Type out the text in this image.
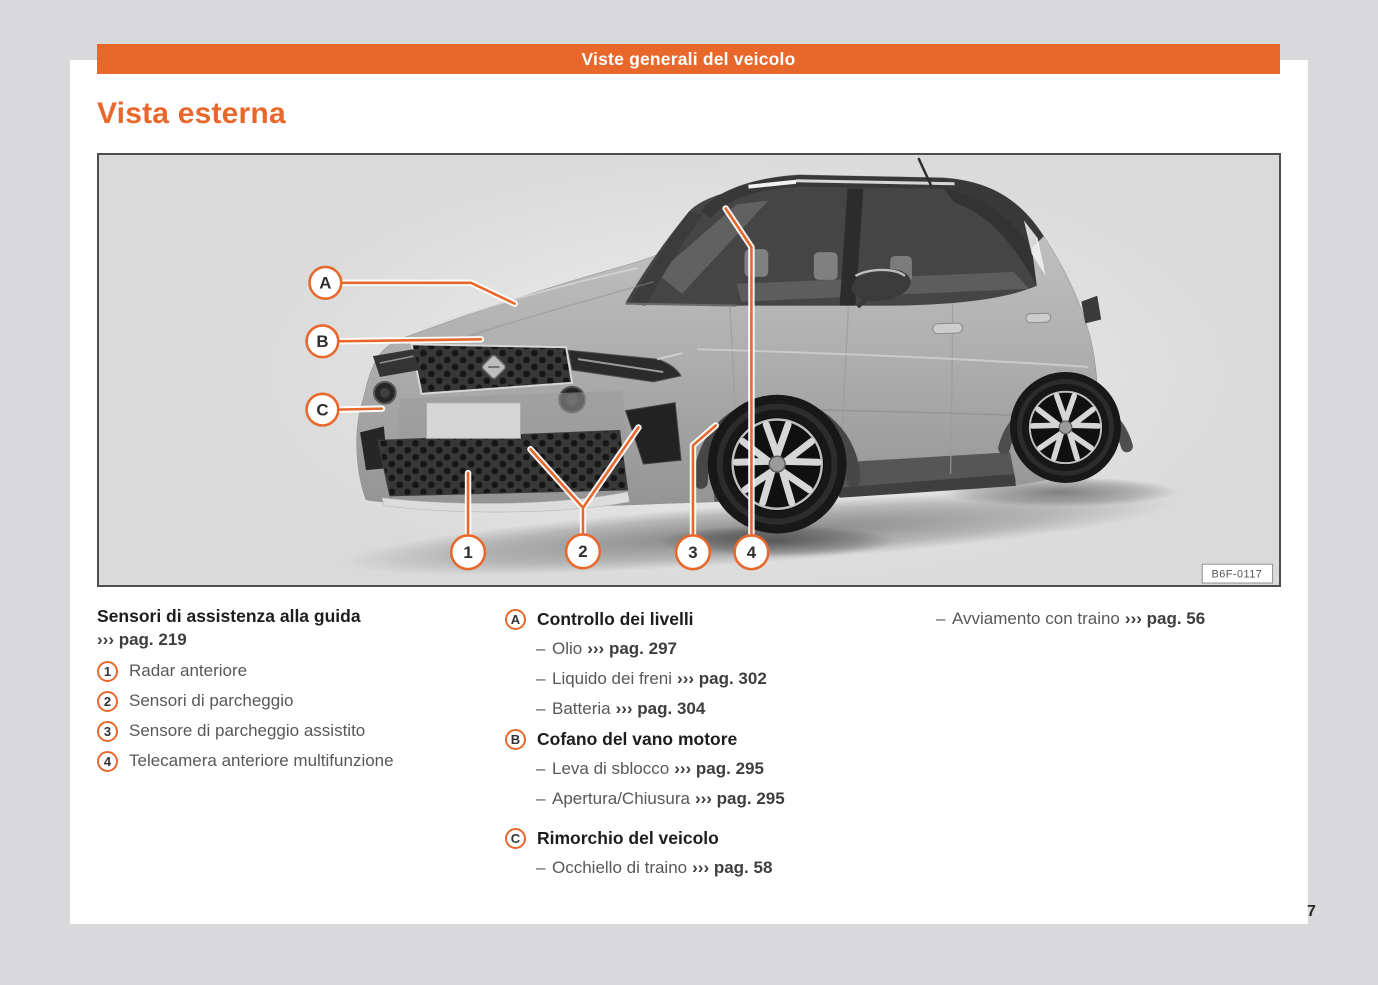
Viste generali del veicolo
Vista esterna
A
B
C
1	2	3	4
B6F-0117
Sensori di assistenza alla guida
››› pag. 219
1	Radar anteriore
2	Sensori di parcheggio
3	Sensore di parcheggio assistito
4	Telecamera anteriore multifunzione
A Controllo dei livelli
– Olio ››› pag. 297
– Liquido dei freni ››› pag. 302
– Batteria ››› pag. 304
B Cofano del vano motore
– Leva di sblocco ››› pag. 295
– Apertura/Chiusura ››› pag. 295
C Rimorchio del veicolo
– Occhiello di traino ››› pag. 58
– Avviamento con traino ››› pag. 56
7
